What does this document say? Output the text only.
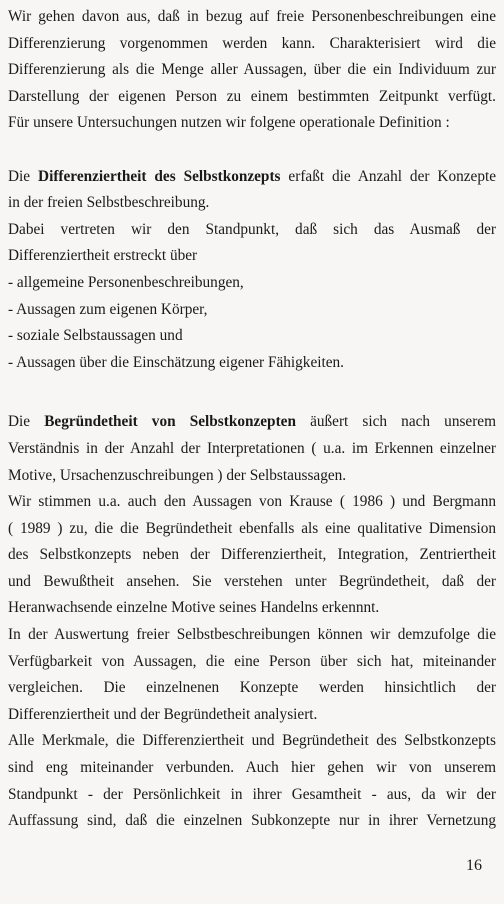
Wir gehen davon aus, daß in bezug auf freie Personenbeschreibungen eine
Differenzierung vorgenommen werden kann. Charakterisiert wird die
Differenzierung als die Menge aller Aussagen, über die ein Individuum zur
Darstellung der eigenen Person zu einem bestimmten Zeitpunkt verfügt.
Für unsere Untersuchungen nutzen wir folgene operationale Definition :
Die Differenziertheit des Selbstkonzepts erfaßt die Anzahl der Konzepte
in der freien Selbstbeschreibung.
Dabei vertreten wir den Standpunkt, daß sich das Ausmaß der
Differenziertheit erstreckt über
- allgemeine Personenbeschreibungen,
- Aussagen zum eigenen Körper,
- soziale Selbstaussagen und
- Aussagen über die Einschätzung eigener Fähigkeiten.
Die Begründetheit von Selbstkonzepten äußert sich nach unserem
Verständnis in der Anzahl der Interpretationen ( u.a. im Erkennen einzelner
Motive, Ursachenzuschreibungen ) der Selbstaussagen.
Wir stimmen u.a. auch den Aussagen von Krause ( 1986 ) und Bergmann
( 1989 ) zu, die die Begründetheit ebenfalls als eine qualitative Dimension
des Selbstkonzepts neben der Differenziertheit, Integration, Zentriertheit
und Bewußtheit ansehen. Sie verstehen unter Begründetheit, daß der
Heranwachsende einzelne Motive seines Handelns erkennnt.
In der Auswertung freier Selbstbeschreibungen können wir demzufolge die
Verfügbarkeit von Aussagen, die eine Person über sich hat, miteinander
vergleichen. Die einzelnenen Konzepte werden hinsichtlich der
Differenziertheit und der Begründetheit analysiert.
Alle Merkmale, die Differenziertheit und Begründetheit des Selbstkonzepts
sind eng miteinander verbunden. Auch hier gehen wir von unserem
Standpunkt - der Persönlichkeit in ihrer Gesamtheit - aus, da wir der
Auffassung sind, daß die einzelnen Subkonzepte nur in ihrer Vernetzung
16
